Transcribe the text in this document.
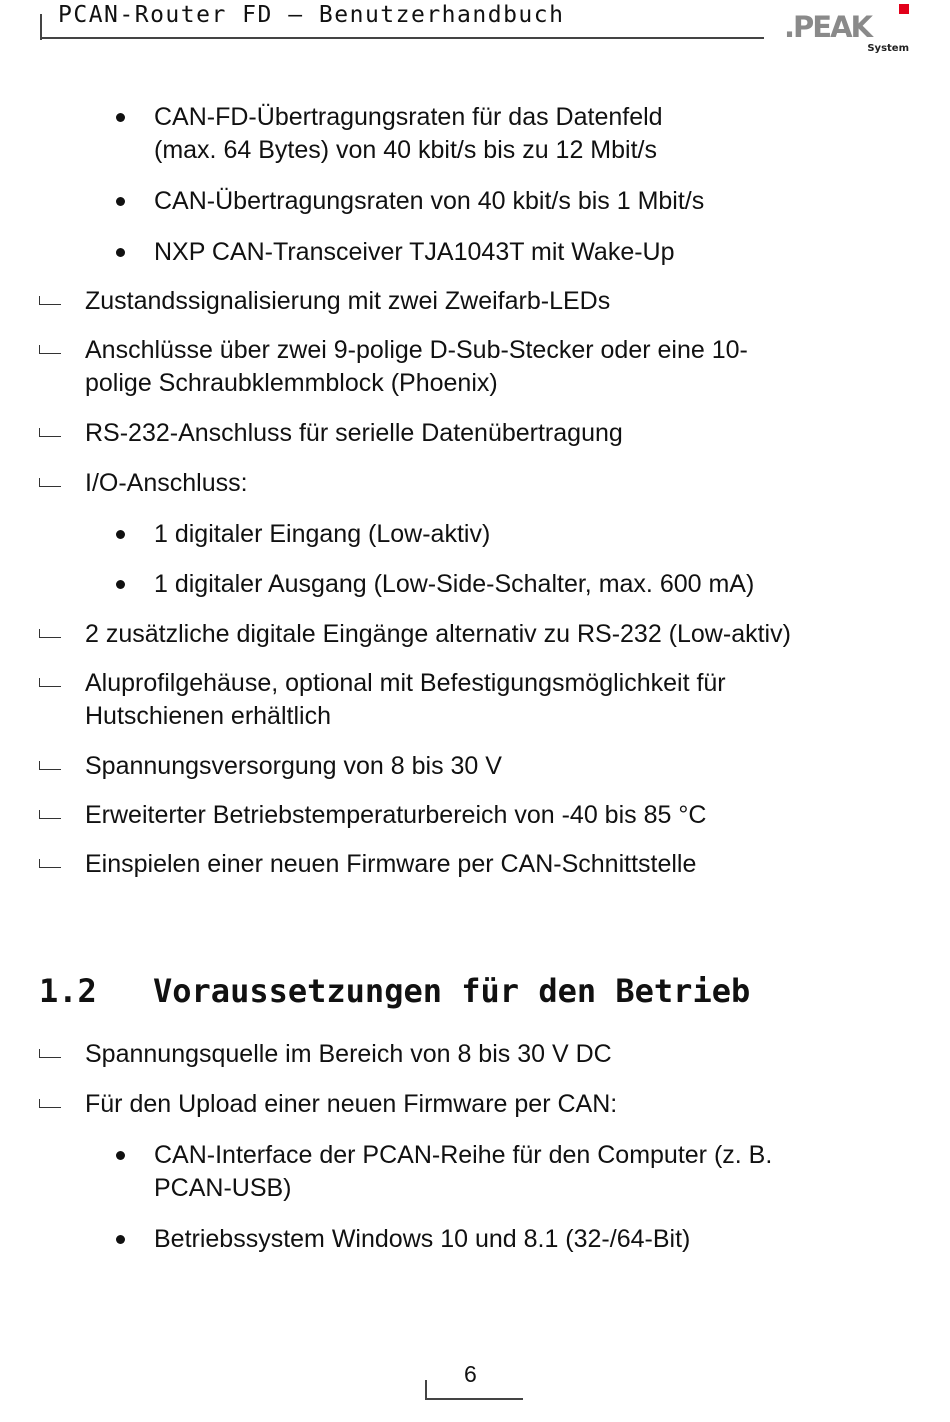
PCAN-Router FD – Benutzerhandbuch	.PEAK
System
CAN-FD-Übertragungsraten für das Datenfeld
(max. 64 Bytes) von 40 kbit/s bis zu 12 Mbit/s
CAN-Übertragungsraten von 40 kbit/s bis 1 Mbit/s
NXP CAN-Transceiver TJA1043T mit Wake-Up
Zustandssignalisierung mit zwei Zweifarb-LEDs
Anschlüsse über zwei 9-polige D-Sub-Stecker oder eine 10-
polige Schraubklemmblock (Phoenix)
RS-232-Anschluss für serielle Datenübertragung
I/O-Anschluss:
1 digitaler Eingang (Low-aktiv)
1 digitaler Ausgang (Low-Side-Schalter, max. 600 mA)
2 zusätzliche digitale Eingänge alternativ zu RS-232 (Low-aktiv)
Aluprofilgehäuse, optional mit Befestigungsmöglichkeit für
Hutschienen erhältlich
Spannungsversorgung von 8 bis 30 V
Erweiterter Betriebstemperaturbereich von -40 bis 85 °C
Einspielen einer neuen Firmware per CAN-Schnittstelle
1.2 Voraussetzungen für den Betrieb
Spannungsquelle im Bereich von 8 bis 30 V DC
Für den Upload einer neuen Firmware per CAN:
CAN-Interface der PCAN-Reihe für den Computer (z. B.
PCAN-USB)
Betriebssystem Windows 10 und 8.1 (32-/64-Bit)
6
